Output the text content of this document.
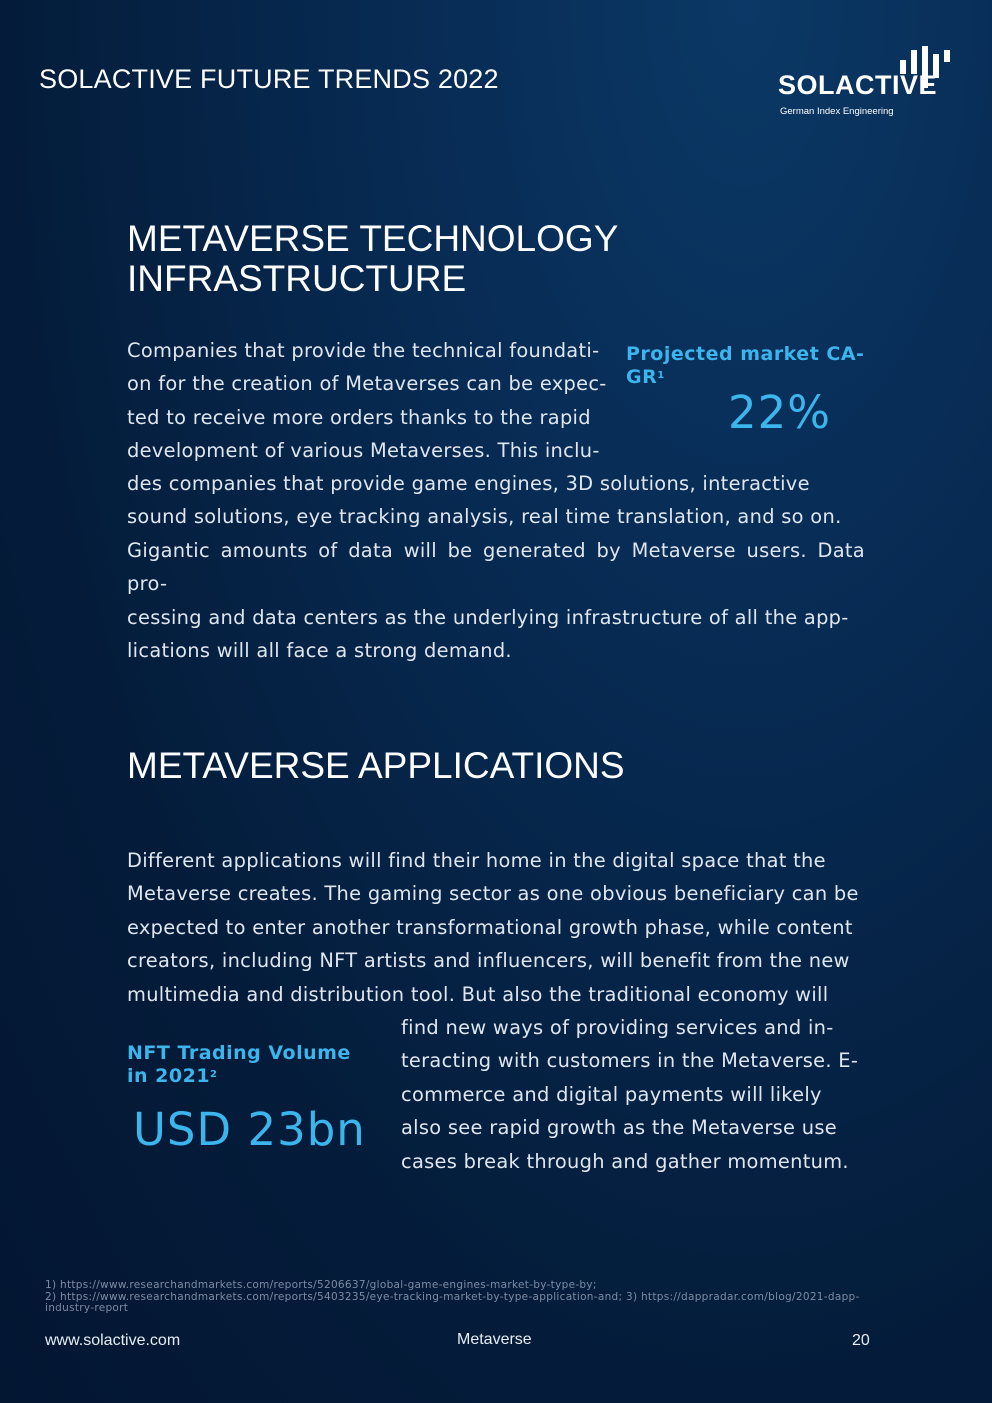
SOLACTIVE FUTURE TRENDS 2022	SOLACTIVE
German Index Engineering
METAVERSE TECHNOLOGY
INFRASTRUCTURE
Companies that provide the technical foundati-
on for the creation of Metaverses can be expec-
ted to receive more orders thanks to the rapid
development of various Metaverses. This inclu-
Projected market CA-
$GR^1$
22%
des companies that provide game engines, 3D solutions, interactive
sound solutions, eye tracking analysis, real time translation, and so on.
Gigantic amounts of data will be generated by Metaverse users. Data pro-
cessing and data centers as the underlying infrastructure of all the app-
lications will all face a strong demand.
METAVERSE APPLICATIONS
Different applications will find their home in the digital space that the
Metaverse creates. The gaming sector as one obvious beneficiary can be
expected to enter another transformational growth phase, while content
creators, including NFT artists and influencers, will benefit from the new
multimedia and distribution tool. But also the traditional economy will
NFT Trading Volume
in 2021$^2$
USD 23bn
find new ways of providing services and in-
teracting with customers in the Metaverse. E-
commerce and digital payments will likely
also see rapid growth as the Metaverse use
cases break through and gather momentum.
1) https://www.researchandmarkets.com/reports/5206637/global-game-engines-market-by-type-by;
2) https://www.researchandmarkets.com/reports/5403235/eye-tracking-market-by-type-application-and; 3) https://dappradar.com/blog/2021-dapp-
industry-report
www.solactive.com	Metaverse	20
